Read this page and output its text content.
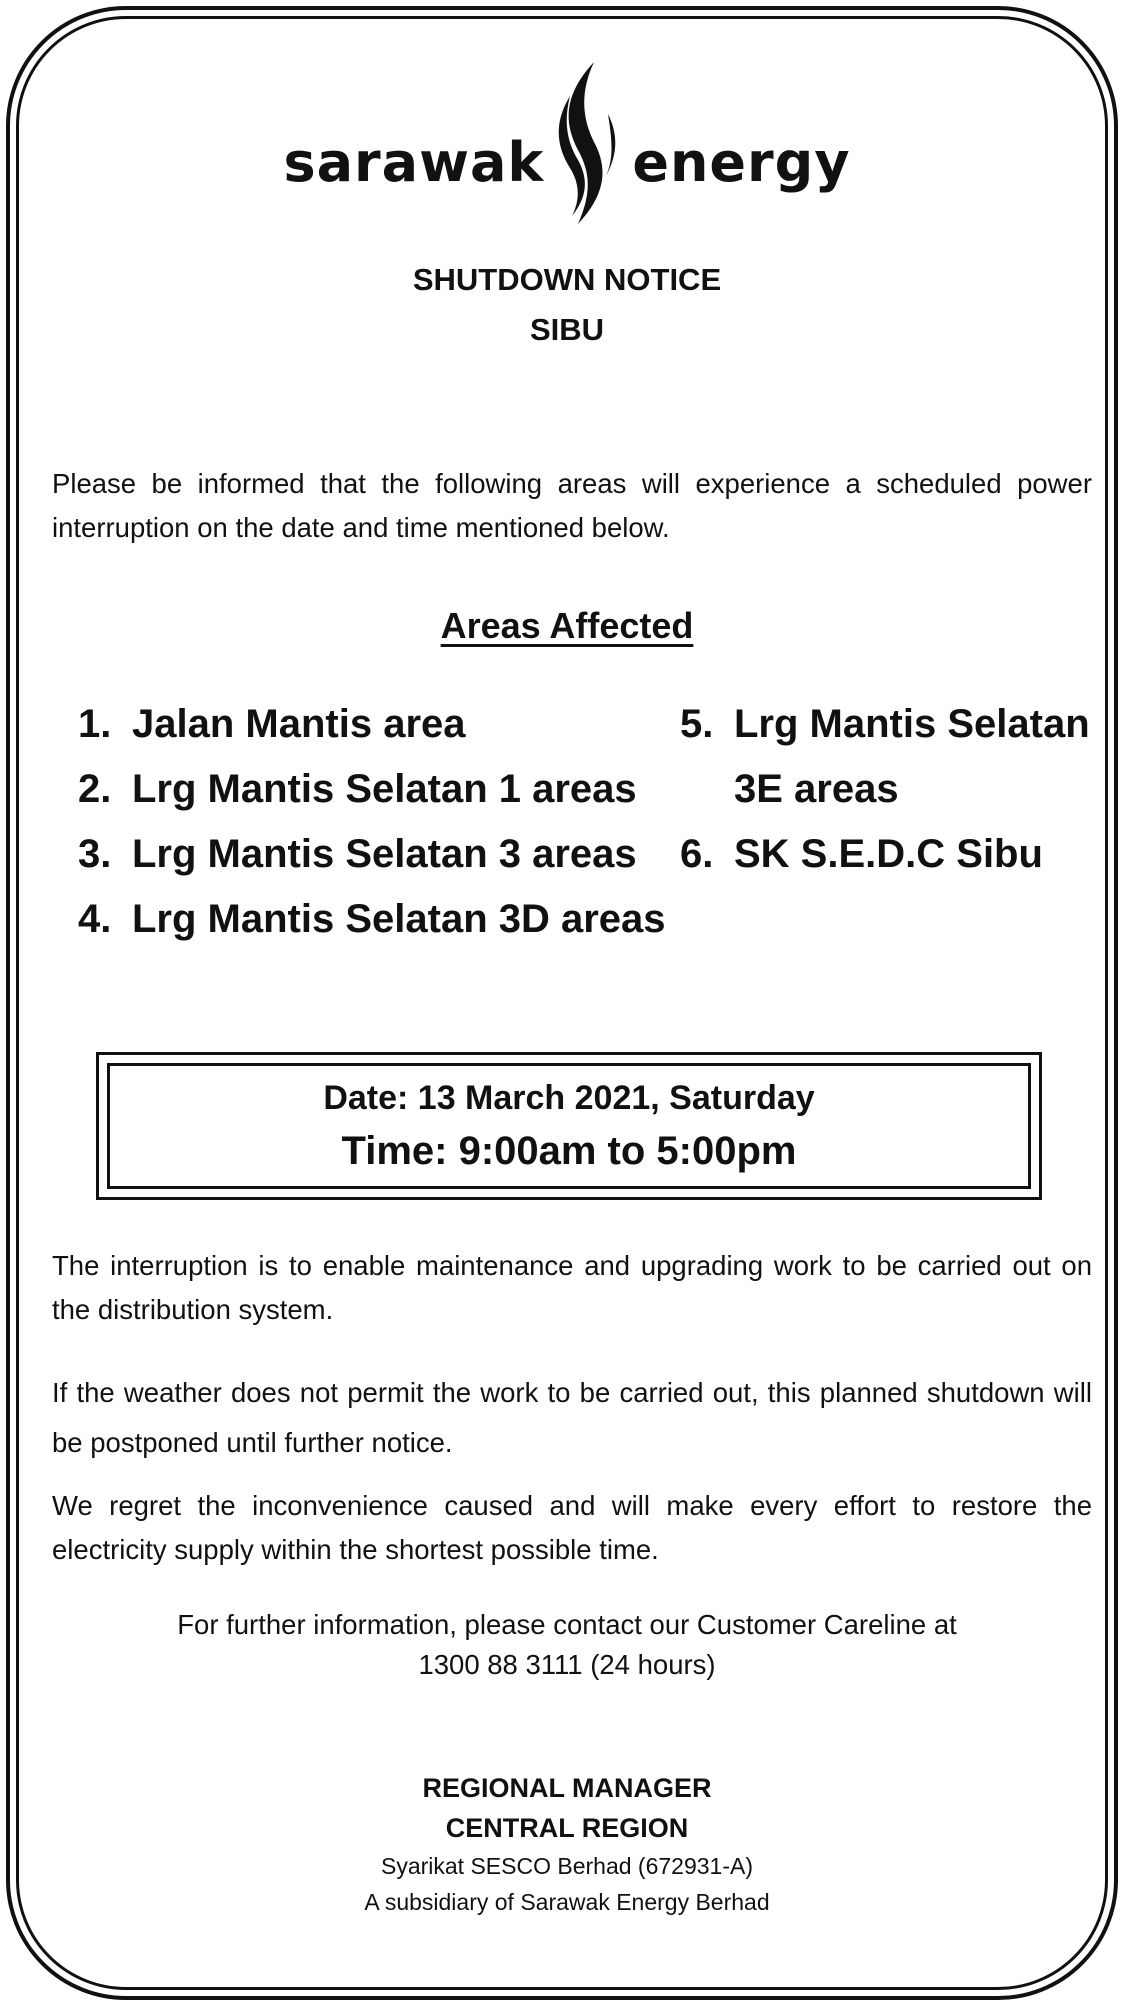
sarawak energy
SHUTDOWN NOTICE
SIBU
Please be informed that the following areas will experience a scheduled power interruption on the date and time mentioned below.
Areas Affected
1. Jalan Mantis area
2. Lrg Mantis Selatan 1 areas
3. Lrg Mantis Selatan 3 areas
4. Lrg Mantis Selatan 3D areas
5. Lrg Mantis Selatan
3E areas
6. SK S.E.D.C Sibu
Date: 13 March 2021, Saturday
Time: 9:00am to 5:00pm
The interruption is to enable maintenance and upgrading work to be carried out on the distribution system.
If the weather does not permit the work to be carried out, this planned shutdown will be postponed until further notice.
We regret the inconvenience caused and will make every effort to restore the electricity supply within the shortest possible time.
For further information, please contact our Customer Careline at
1300 88 3111 (24 hours)
REGIONAL MANAGER
CENTRAL REGION
Syarikat SESCO Berhad (672931-A)
A subsidiary of Sarawak Energy Berhad
